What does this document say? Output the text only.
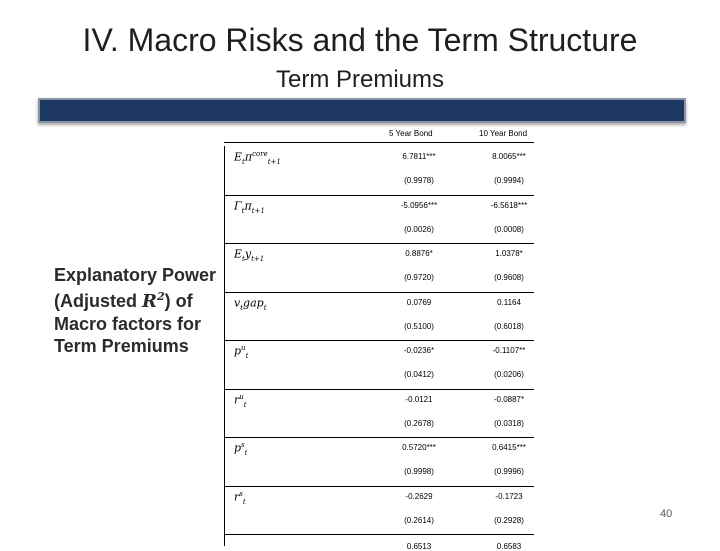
IV. Macro Risks and the Term Structure
Term Premiums
Explanatory Power
(Adjusted $R^2$) of
Macro factors for
Term Premiums
5 Year Bond	10 Year Bond
$E_t\pi^{core}_{t+1}$
6.7811***
(0.9978)
8.0065***
(0.9994)
$\Gamma_t\pi_{t+1}$
-5.0956***
(0.0026)
-6.5618***
(0.0008)
$E_ty_{t+1}$
0.8876*
(0.9720)
1.0378*
(0.9608)
$v_tgap_t$
0.0769
(0.5100)
0.1164
(0.6018)
$p^u_t$
-0.0236*
(0.0412)
-0.1107**
(0.0206)
$r^u_t$
-0.0121
(0.2678)
-0.0887*
(0.0318)
$p^s_t$
0.5720***
(0.9998)
0.6415***
(0.9996)
$r^s_t$
-0.2629
(0.2614)
-0.1723
(0.2928)
0.6513	0.6583
40
